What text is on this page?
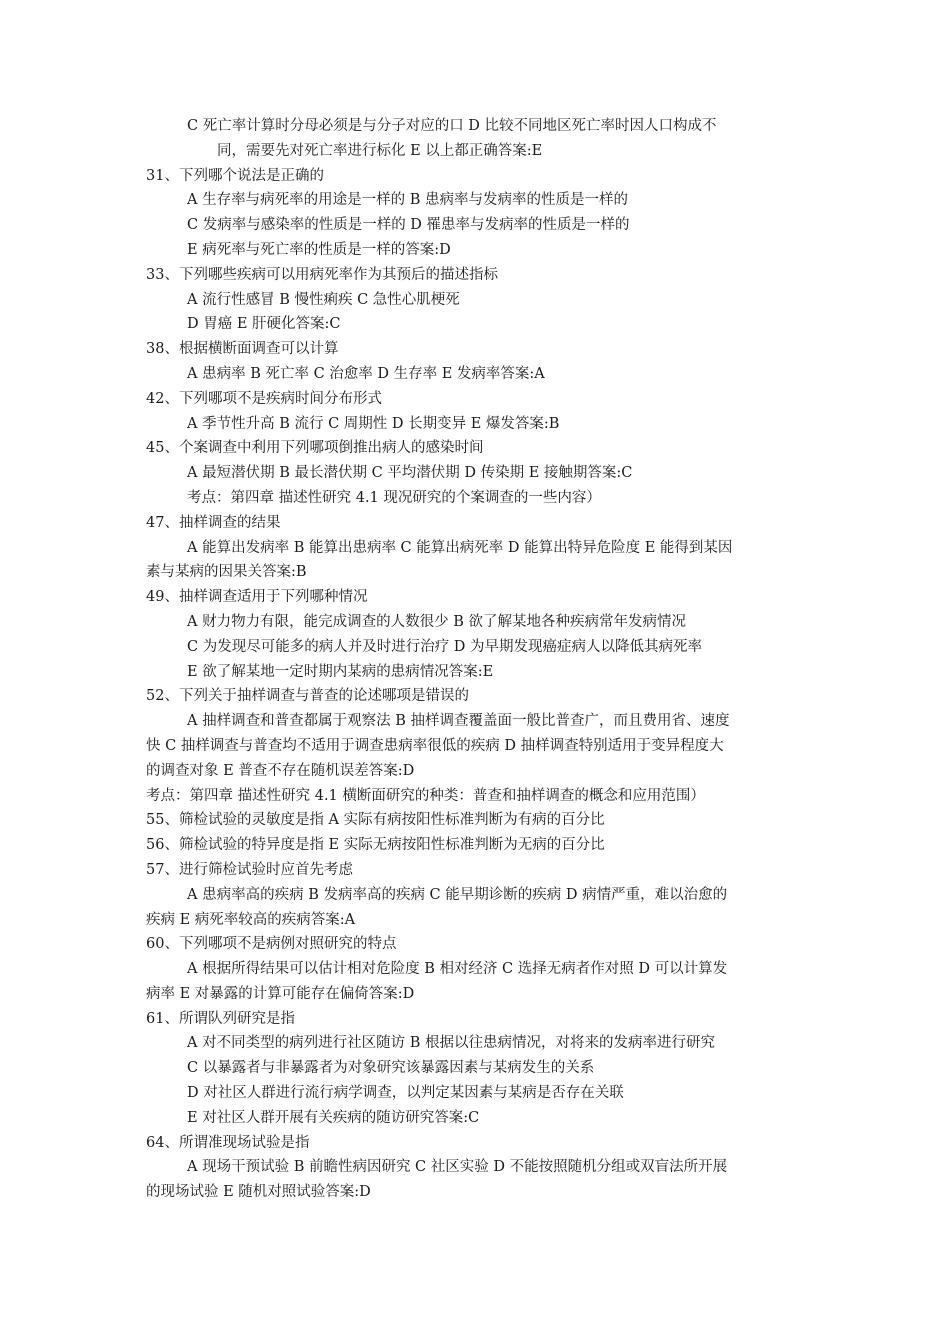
C 死亡率计算时分母必须是与分子对应的口 D 比较不同地区死亡率时因人口构成不
同，需要先对死亡率进行标化 E 以上都正确答案:E
31、下列哪个说法是正确的
A 生存率与病死率的用途是一样的 B 患病率与发病率的性质是一样的
C 发病率与感染率的性质是一样的 D 罹患率与发病率的性质是一样的
E 病死率与死亡率的性质是一样的答案:D
33、下列哪些疾病可以用病死率作为其预后的描述指标
A 流行性感冒 B 慢性痢疾 C 急性心肌梗死
D 胃癌 E 肝硬化答案:C
38、根据横断面调查可以计算
A 患病率 B 死亡率 C 治愈率 D 生存率 E 发病率答案:A
42、下列哪项不是疾病时间分布形式
A 季节性升高 B 流行 C 周期性 D 长期变异 E 爆发答案:B
45、个案调查中利用下列哪项倒推出病人的感染时间
A 最短潜伏期 B 最长潜伏期 C 平均潜伏期 D 传染期 E 接触期答案:C
考点：第四章 描述性研究 4.1 现况研究的个案调查的一些内容）
47、抽样调查的结果
A 能算出发病率 B 能算出患病率 C 能算出病死率 D 能算出特异危险度 E 能得到某因
素与某病的因果关答案:B
49、抽样调查适用于下列哪种情况
A 财力物力有限，能完成调查的人数很少 B 欲了解某地各种疾病常年发病情况
C 为发现尽可能多的病人并及时进行治疗 D 为早期发现癌症病人以降低其病死率
E 欲了解某地一定时期内某病的患病情况答案:E
52、下列关于抽样调查与普查的论述哪项是错误的
A 抽样调查和普查都属于观察法 B 抽样调查覆盖面一般比普查广，而且费用省、速度
快 C 抽样调查与普查均不适用于调查患病率很低的疾病 D 抽样调查特别适用于变异程度大
的调查对象 E 普查不存在随机误差答案:D
考点：第四章 描述性研究 4.1 横断面研究的种类：普查和抽样调查的概念和应用范围）
55、筛检试验的灵敏度是指 A 实际有病按阳性标准判断为有病的百分比
56、筛检试验的特异度是指 E 实际无病按阳性标准判断为无病的百分比
57、进行筛检试验时应首先考虑
A 患病率高的疾病 B 发病率高的疾病 C 能早期诊断的疾病 D 病情严重，难以治愈的
疾病 E 病死率较高的疾病答案:A
60、下列哪项不是病例对照研究的特点
A 根据所得结果可以估计相对危险度 B 相对经济 C 选择无病者作对照 D 可以计算发
病率 E 对暴露的计算可能存在偏倚答案:D
61、所谓队列研究是指
A 对不同类型的病列进行社区随访 B 根据以往患病情况，对将来的发病率进行研究
C 以暴露者与非暴露者为对象研究该暴露因素与某病发生的关系
D 对社区人群进行流行病学调查，以判定某因素与某病是否存在关联
E 对社区人群开展有关疾病的随访研究答案:C
64、所谓准现场试验是指
A 现场干预试验 B 前瞻性病因研究 C 社区实验 D 不能按照随机分组或双盲法所开展
的现场试验 E 随机对照试验答案:D
